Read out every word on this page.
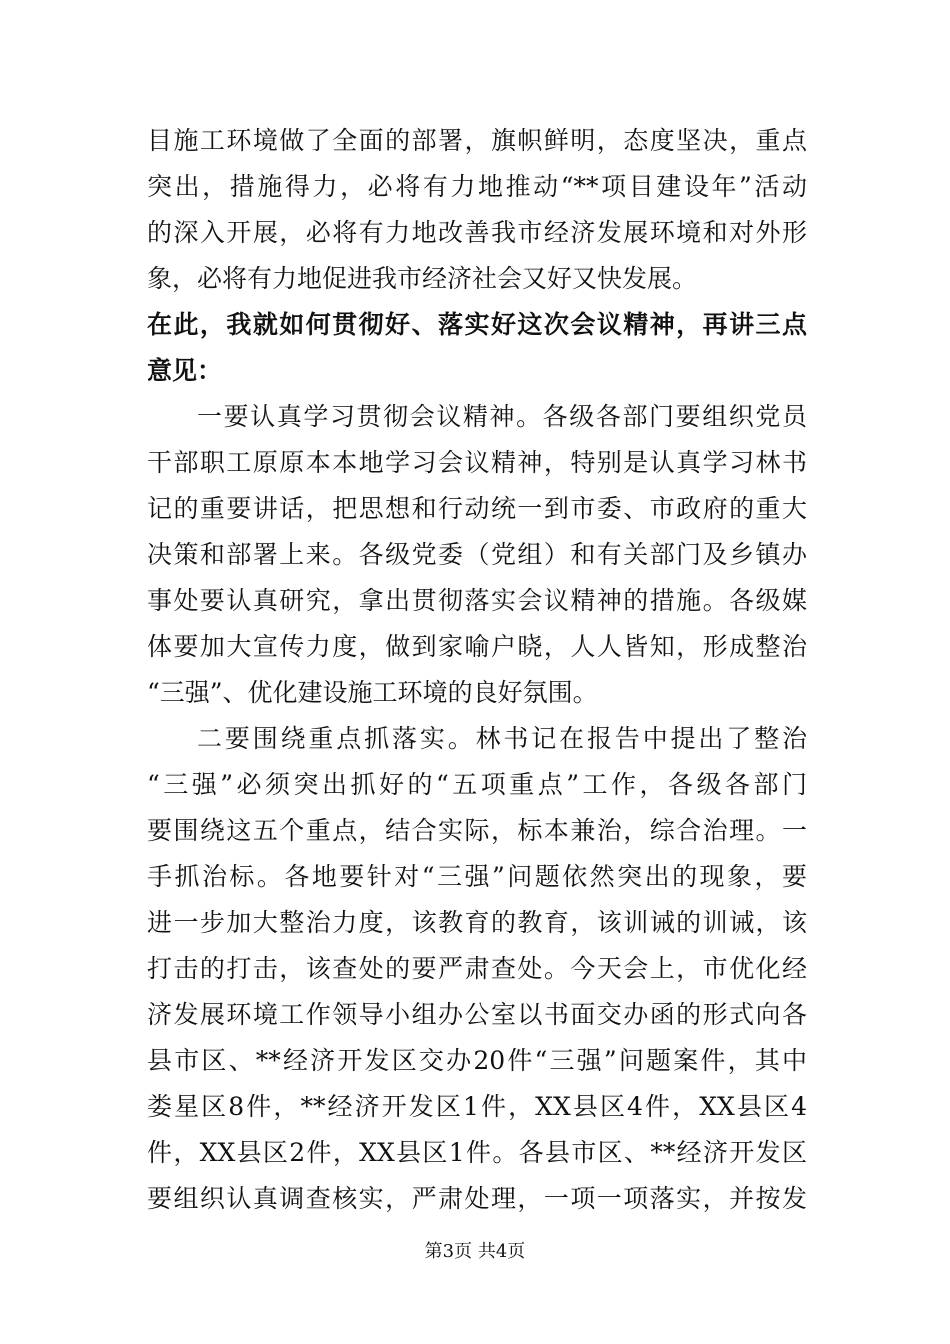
目施工环境做了全面的部署，旗帜鲜明，态度坚决，重点
突出，措施得力，必将有力地推动“**项目建设年”活动
的深入开展，必将有力地改善我市经济发展环境和对外形
象，必将有力地促进我市经济社会又好又快发展。
在此，我就如何贯彻好、落实好这次会议精神，再讲三点
意见：
一要认真学习贯彻会议精神。各级各部门要组织党员
干部职工原原本本地学习会议精神，特别是认真学习林书
记的重要讲话，把思想和行动统一到市委、市政府的重大
决策和部署上来。各级党委（党组）和有关部门及乡镇办
事处要认真研究，拿出贯彻落实会议精神的措施。各级媒
体要加大宣传力度，做到家喻户晓，人人皆知，形成整治
“三强”、优化建设施工环境的良好氛围。
二要围绕重点抓落实。林书记在报告中提出了整治
“三强”必须突出抓好的“五项重点”工作，各级各部门
要围绕这五个重点，结合实际，标本兼治，综合治理。一
手抓治标。各地要针对“三强”问题依然突出的现象，要
进一步加大整治力度，该教育的教育，该训诫的训诫，该
打击的打击，该查处的要严肃查处。今天会上，市优化经
济发展环境工作领导小组办公室以书面交办函的形式向各
县市区、**经济开发区交办20件“三强”问题案件，其中
娄星区8件，**经济开发区1件，XX县区4件，XX县区4
件，XX县区2件，XX县区1件。各县市区、**经济开发区
要组织认真调查核实，严肃处理，一项一项落实，并按发
第3页 共4页
